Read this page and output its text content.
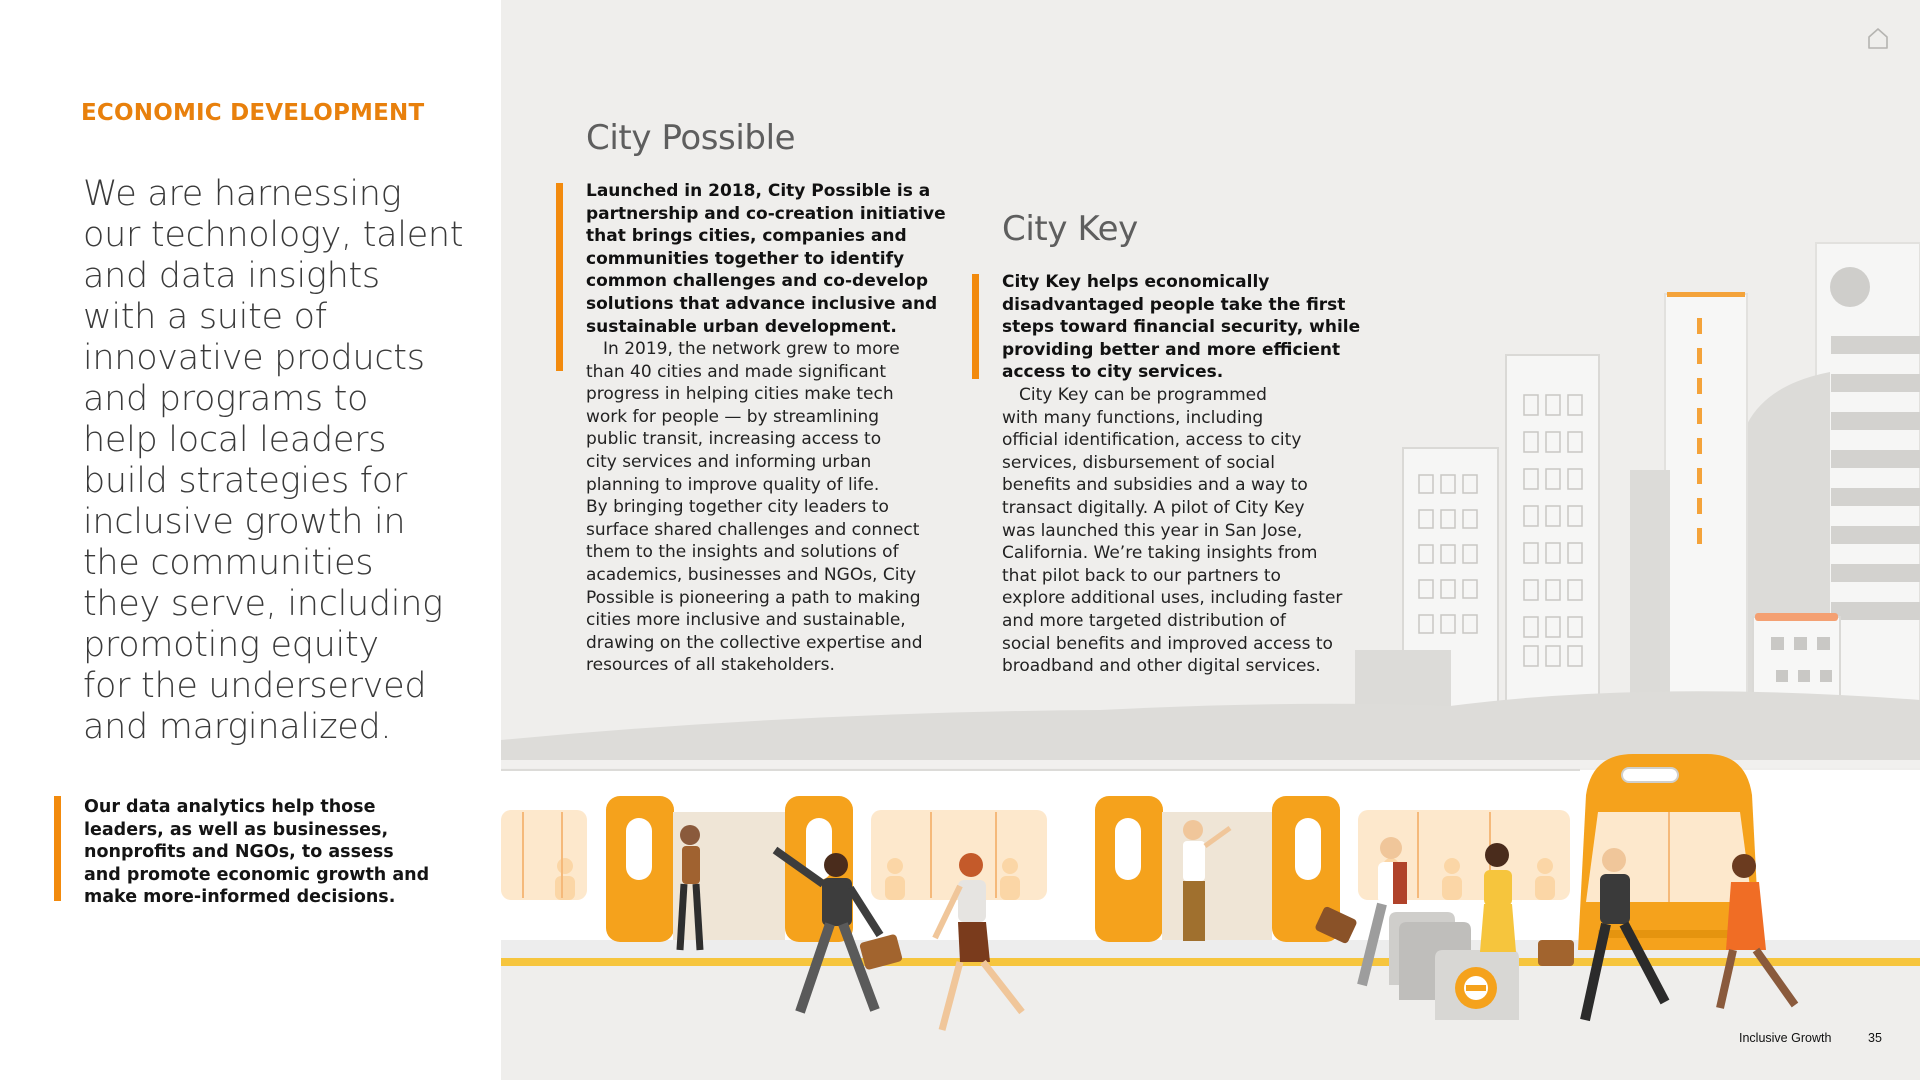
ECONOMIC DEVELOPMENT
We are harnessing
our technology, talent
and data insights
with a suite of
innovative products
and programs to
help local leaders
build strategies for
inclusive growth in
the communities
they serve, including
promoting equity
for the underserved
and marginalized.

Our data analytics help those
leaders, as well as businesses,
nonprofits and NGOs, to assess
and promote economic growth and
make more-informed decisions.

City Possible
Launched in 2018, City Possible is a
partnership and co-creation initiative
that brings cities, companies and
communities together to identify
common challenges and co-develop
solutions that advance inclusive and
sustainable urban development.
 In 2019, the network grew to more
than 40 cities and made significant
progress in helping cities make tech
work for people — by streamlining
public transit, increasing access to
city services and informing urban
planning to improve quality of life.
By bringing together city leaders to
surface shared challenges and connect
them to the insights and solutions of
academics, businesses and NGOs, City
Possible is pioneering a path to making
cities more inclusive and sustainable,
drawing on the collective expertise and
resources of all stakeholders.
City Key
City Key helps economically
disadvantaged people take the first
steps toward financial security, while
providing better and more efficient
access to city services.
 City Key can be programmed
with many functions, including
official identification, access to city
services, disbursement of social
benefits and subsidies and a way to
transact digitally. A pilot of City Key
was launched this year in San Jose,
California. We’re taking insights from
that pilot back to our partners to
explore additional uses, including faster
and more targeted distribution of
social benefits and improved access to
broadband and other digital services.
Inclusive Growth	35
